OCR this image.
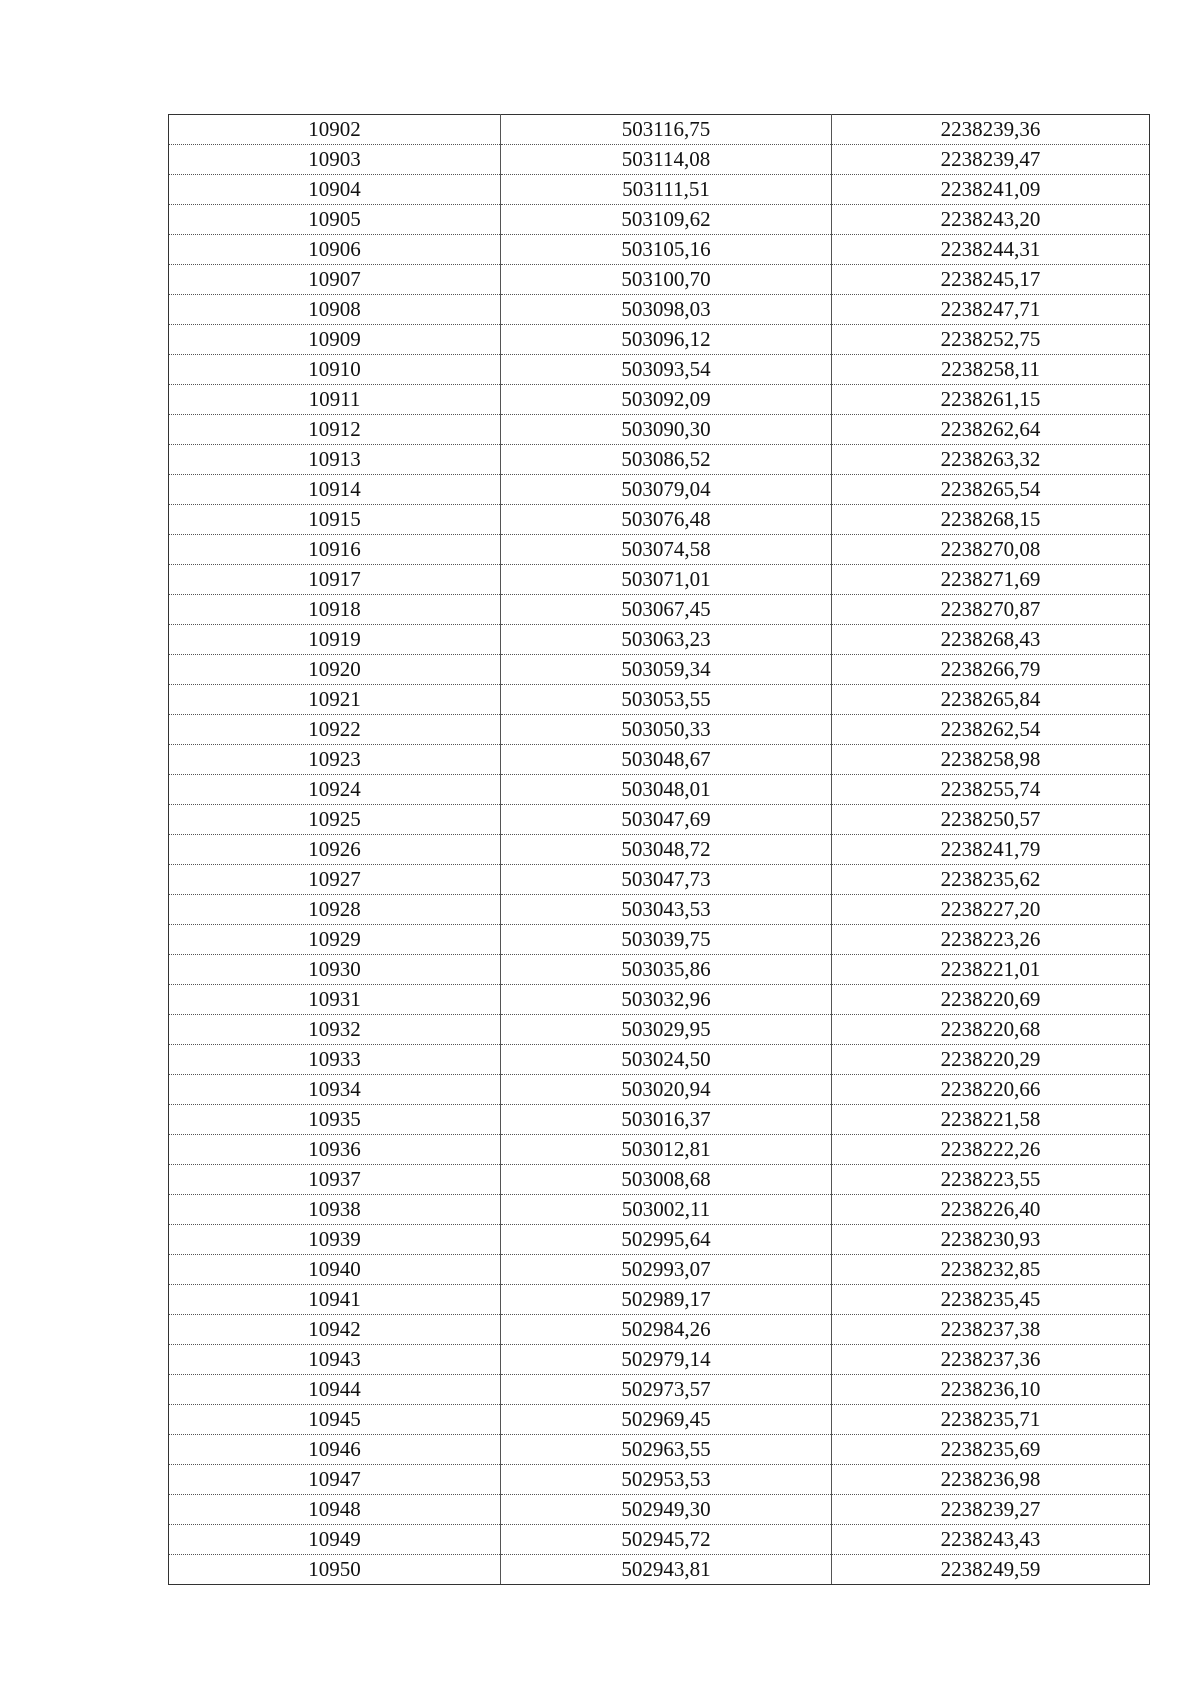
10902	503116,75	2238239,36
10903	503114,08	2238239,47
10904	503111,51	2238241,09
10905	503109,62	2238243,20
10906	503105,16	2238244,31
10907	503100,70	2238245,17
10908	503098,03	2238247,71
10909	503096,12	2238252,75
10910	503093,54	2238258,11
10911	503092,09	2238261,15
10912	503090,30	2238262,64
10913	503086,52	2238263,32
10914	503079,04	2238265,54
10915	503076,48	2238268,15
10916	503074,58	2238270,08
10917	503071,01	2238271,69
10918	503067,45	2238270,87
10919	503063,23	2238268,43
10920	503059,34	2238266,79
10921	503053,55	2238265,84
10922	503050,33	2238262,54
10923	503048,67	2238258,98
10924	503048,01	2238255,74
10925	503047,69	2238250,57
10926	503048,72	2238241,79
10927	503047,73	2238235,62
10928	503043,53	2238227,20
10929	503039,75	2238223,26
10930	503035,86	2238221,01
10931	503032,96	2238220,69
10932	503029,95	2238220,68
10933	503024,50	2238220,29
10934	503020,94	2238220,66
10935	503016,37	2238221,58
10936	503012,81	2238222,26
10937	503008,68	2238223,55
10938	503002,11	2238226,40
10939	502995,64	2238230,93
10940	502993,07	2238232,85
10941	502989,17	2238235,45
10942	502984,26	2238237,38
10943	502979,14	2238237,36
10944	502973,57	2238236,10
10945	502969,45	2238235,71
10946	502963,55	2238235,69
10947	502953,53	2238236,98
10948	502949,30	2238239,27
10949	502945,72	2238243,43
10950	502943,81	2238249,59
